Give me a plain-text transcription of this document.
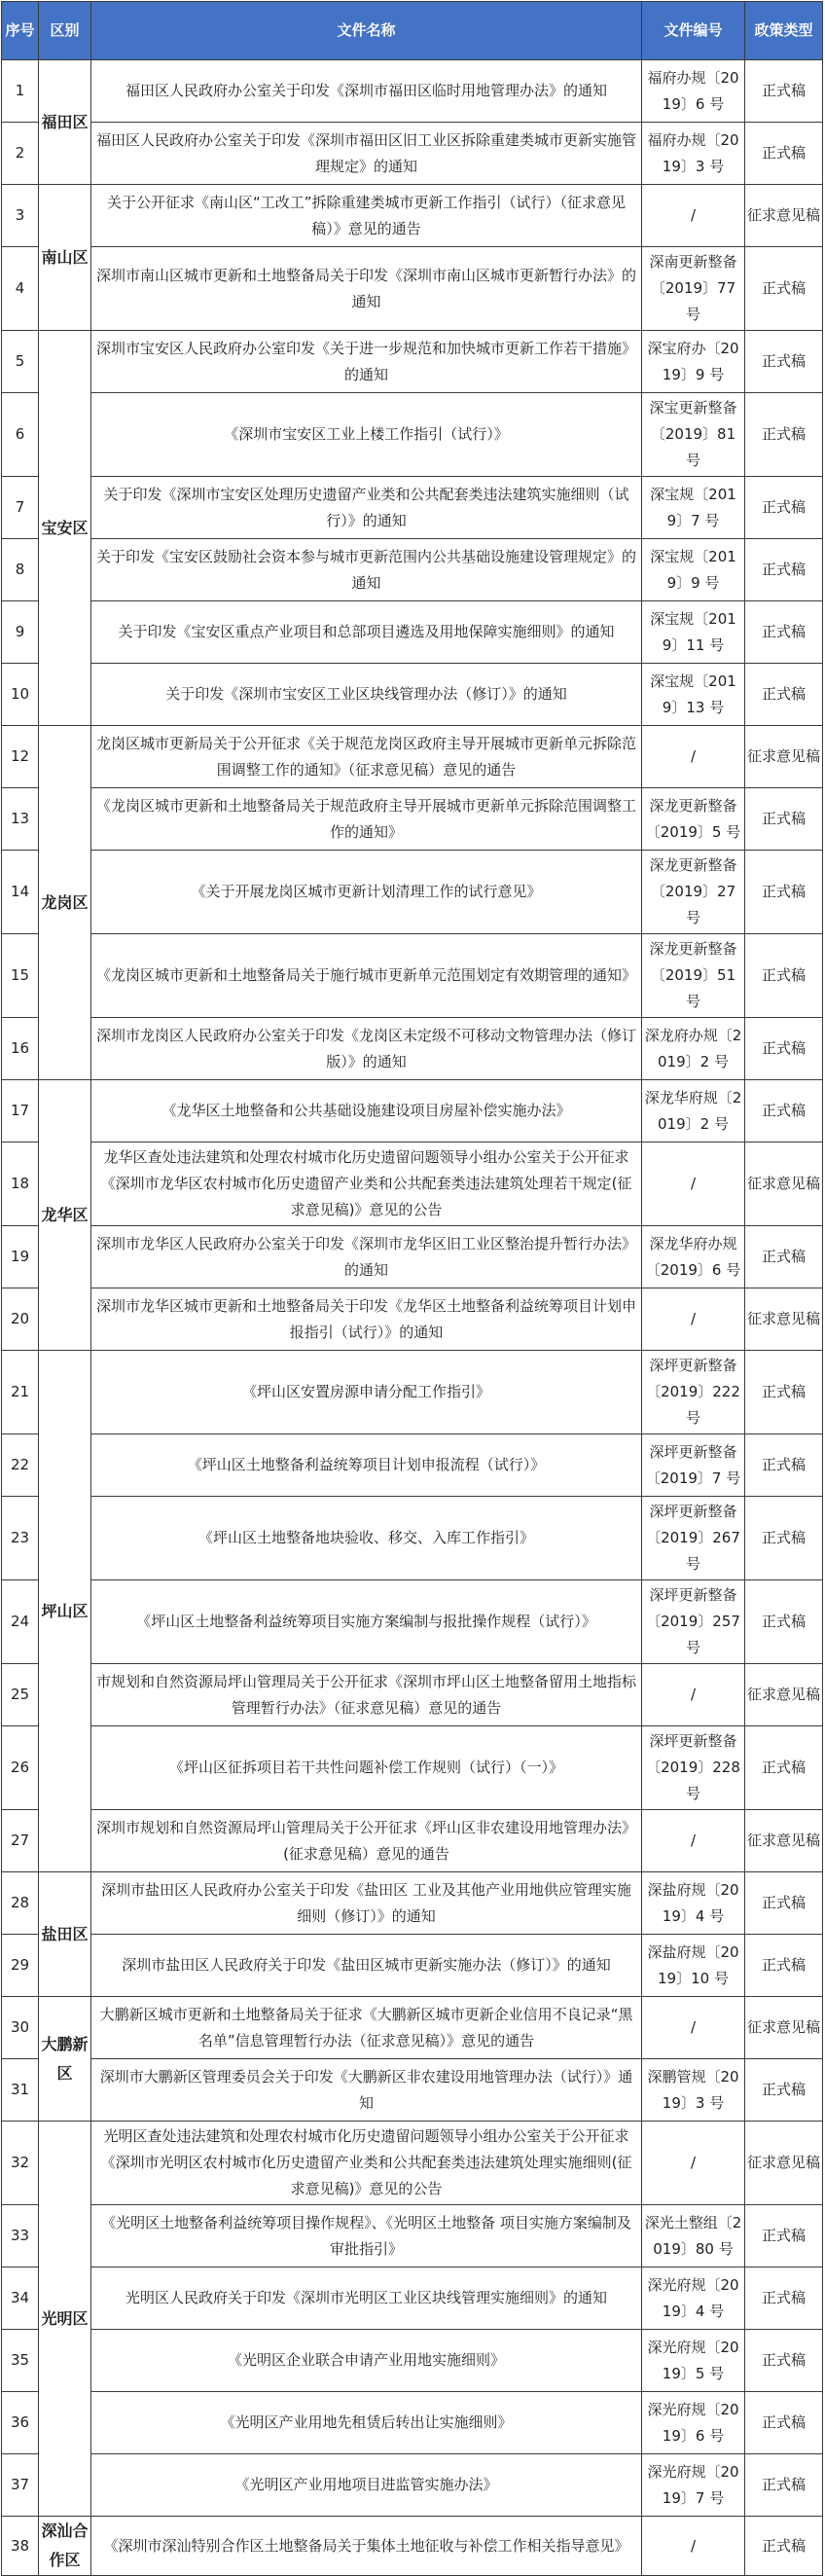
序号	区别	文件名称	文件编号	政策类型
1	福田区	福田区人民政府办公室关于印发《深圳市福田区临时用地管理办法》的通知	福府办规〔2019〕6 号	正式稿
2		福田区人民政府办公室关于印发《深圳市福田区旧工业区拆除重建类城市更新实施管理规定》的通知	福府办规〔2019〕3 号	正式稿
3	南山区	关于公开征求《南山区“工改工”拆除重建类城市更新工作指引（试行）（征求意见稿）》意见的通告	/	征求意见稿
4		深圳市南山区城市更新和土地整备局关于印发《深圳市南山区城市更新暂行办法》的通知	深南更新整备〔2019〕77 号	正式稿
5	宝安区	深圳市宝安区人民政府办公室印发《关于进一步规范和加快城市更新工作若干措施》的通知	深宝府办〔2019〕9 号	正式稿
6		《深圳市宝安区工业上楼工作指引（试行）》	深宝更新整备〔2019〕81 号	正式稿
7		关于印发《深圳市宝安区处理历史遗留产业类和公共配套类违法建筑实施细则（试行）》的通知	深宝规〔2019〕7 号	正式稿
8		关于印发《宝安区鼓励社会资本参与城市更新范围内公共基础设施建设管理规定》的通知	深宝规〔2019〕9 号	正式稿
9		关于印发《宝安区重点产业项目和总部项目遴选及用地保障实施细则》的通知	深宝规〔2019〕11 号	正式稿
10		关于印发《深圳市宝安区工业区块线管理办法（修订）》的通知	深宝规〔2019〕13 号	正式稿
12	龙岗区	龙岗区城市更新局关于公开征求《关于规范龙岗区政府主导开展城市更新单元拆除范围调整工作的通知》（征求意见稿）意见的通告	/	征求意见稿
13		《龙岗区城市更新和土地整备局关于规范政府主导开展城市更新单元拆除范围调整工作的通知》	深龙更新整备〔2019〕5 号	正式稿
14		《关于开展龙岗区城市更新计划清理工作的试行意见》	深龙更新整备〔2019〕27 号	正式稿
15		《龙岗区城市更新和土地整备局关于施行城市更新单元范围划定有效期管理的通知》	深龙更新整备〔2019〕51 号	正式稿
16		深圳市龙岗区人民政府办公室关于印发《龙岗区未定级不可移动文物管理办法（修订版）》的通知	深龙府办规〔2019〕2 号	正式稿
17	龙华区	《龙华区土地整备和公共基础设施建设项目房屋补偿实施办法》	深龙华府规〔2019〕2 号	正式稿
18		龙华区查处违法建筑和处理农村城市化历史遗留问题领导小组办公室关于公开征求《深圳市龙华区农村城市化历史遗留产业类和公共配套类违法建筑处理若干规定(征求意见稿)》意见的公告	/	征求意见稿
19		深圳市龙华区人民政府办公室关于印发《深圳市龙华区旧工业区整治提升暂行办法》的通知	深龙华府办规〔2019〕6 号	正式稿
20		深圳市龙华区城市更新和土地整备局关于印发《龙华区土地整备利益统筹项目计划申报指引（试行）》的通知	/	征求意见稿
21	坪山区	《坪山区安置房源申请分配工作指引》	深坪更新整备〔2019〕222 号	正式稿
22		《坪山区土地整备利益统筹项目计划申报流程（试行）》	深坪更新整备〔2019〕7 号	正式稿
23		《坪山区土地整备地块验收、移交、入库工作指引》	深坪更新整备〔2019〕267 号	正式稿
24		《坪山区土地整备利益统筹项目实施方案编制与报批操作规程（试行）》	深坪更新整备〔2019〕257 号	正式稿
25		市规划和自然资源局坪山管理局关于公开征求《深圳市坪山区土地整备留用土地指标管理暂行办法》（征求意见稿）意见的通告	/	征求意见稿
26		《坪山区征拆项目若干共性问题补偿工作规则（试行）（一）》	深坪更新整备〔2019〕228 号	正式稿
27		深圳市规划和自然资源局坪山管理局关于公开征求《坪山区非农建设用地管理办法》(征求意见稿）意见的通告	/	征求意见稿
28	盐田区	深圳市盐田区人民政府办公室关于印发《盐田区 工业及其他产业用地供应管理实施 细则（修订）》的通知	深盐府规〔2019〕4 号	正式稿
29		深圳市盐田区人民政府关于印发《盐田区城市更新实施办法（修订）》的通知	深盐府规〔2019〕10 号	正式稿
30	大鹏新区	大鹏新区城市更新和土地整备局关于征求《大鹏新区城市更新企业信用不良记录“黑名单”信息管理暂行办法（征求意见稿）》意见的通告	/	征求意见稿
31		深圳市大鹏新区管理委员会关于印发《大鹏新区非农建设用地管理办法（试行）》通知	深鹏管规〔2019〕3 号	正式稿
32	光明区	光明区查处违法建筑和处理农村城市化历史遗留问题领导小组办公室关于公开征求《深圳市光明区农村城市化历史遗留产业类和公共配套类违法建筑处理实施细则(征求意见稿)》意见的公告	/	征求意见稿
33		《光明区土地整备利益统筹项目操作规程》、《光明区土地整备 项目实施方案编制及审批指引》	深光土整组〔2019〕80 号	正式稿
34		光明区人民政府关于印发《深圳市光明区工业区块线管理实施细则》的通知	深光府规〔2019〕4 号	正式稿
35		《光明区企业联合申请产业用地实施细则》	深光府规〔2019〕5 号	正式稿
36		《光明区产业用地先租赁后转出让实施细则》	深光府规〔2019〕6 号	正式稿
37		《光明区产业用地项目进监管实施办法》	深光府规〔2019〕7 号	正式稿
38	深汕合作区	《深圳市深汕特别合作区土地整备局关于集体土地征收与补偿工作相关指导意见》	/	正式稿
